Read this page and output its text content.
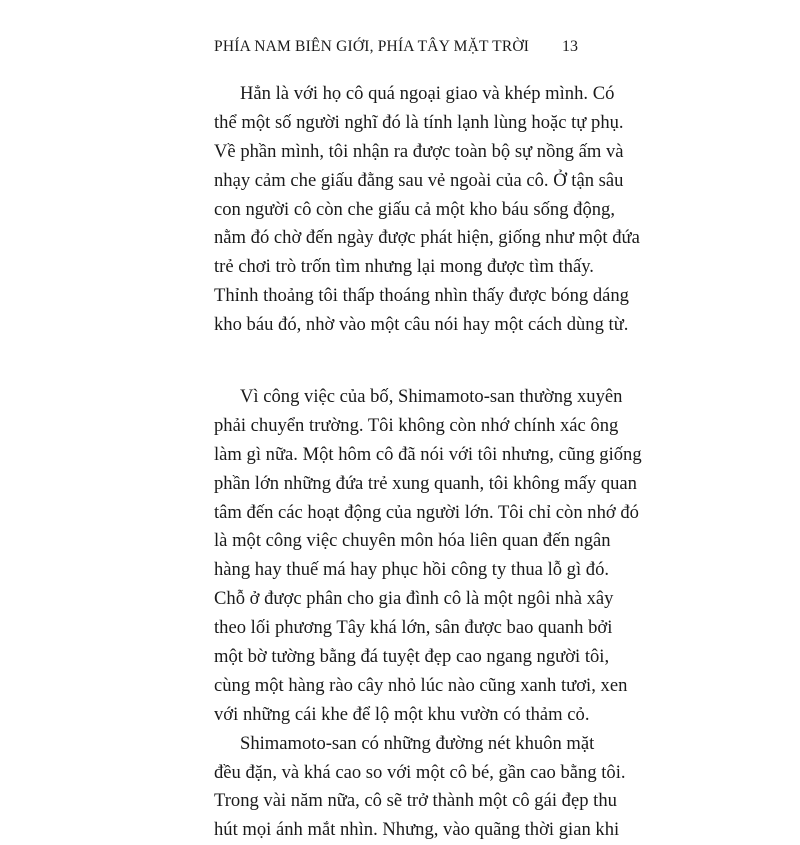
PHÍA NAM BIÊN GIỚI, PHÍA TÂY MẶT TRỜI 13
Hẳn là với họ cô quá ngoại giao và khép mình. Có
thể một số người nghĩ đó là tính lạnh lùng hoặc tự phụ.
Về phần mình, tôi nhận ra được toàn bộ sự nồng ấm và
nhạy cảm che giấu đằng sau vẻ ngoài của cô. Ở tận sâu
con người cô còn che giấu cả một kho báu sống động,
nằm đó chờ đến ngày được phát hiện, giống như một đứa
trẻ chơi trò trốn tìm nhưng lại mong được tìm thấy.
Thỉnh thoảng tôi thấp thoáng nhìn thấy được bóng dáng
kho báu đó, nhờ vào một câu nói hay một cách dùng từ.
Vì công việc của bố, Shimamoto-san thường xuyên
phải chuyển trường. Tôi không còn nhớ chính xác ông
làm gì nữa. Một hôm cô đã nói với tôi nhưng, cũng giống
phần lớn những đứa trẻ xung quanh, tôi không mấy quan
tâm đến các hoạt động của người lớn. Tôi chỉ còn nhớ đó
là một công việc chuyên môn hóa liên quan đến ngân
hàng hay thuế má hay phục hồi công ty thua lỗ gì đó.
Chỗ ở được phân cho gia đình cô là một ngôi nhà xây
theo lối phương Tây khá lớn, sân được bao quanh bởi
một bờ tường bằng đá tuyệt đẹp cao ngang người tôi,
cùng một hàng rào cây nhỏ lúc nào cũng xanh tươi, xen
với những cái khe để lộ một khu vườn có thảm cỏ.
Shimamoto-san có những đường nét khuôn mặt
đều đặn, và khá cao so với một cô bé, gần cao bằng tôi.
Trong vài năm nữa, cô sẽ trở thành một cô gái đẹp thu
hút mọi ánh mắt nhìn. Nhưng, vào quãng thời gian khi
